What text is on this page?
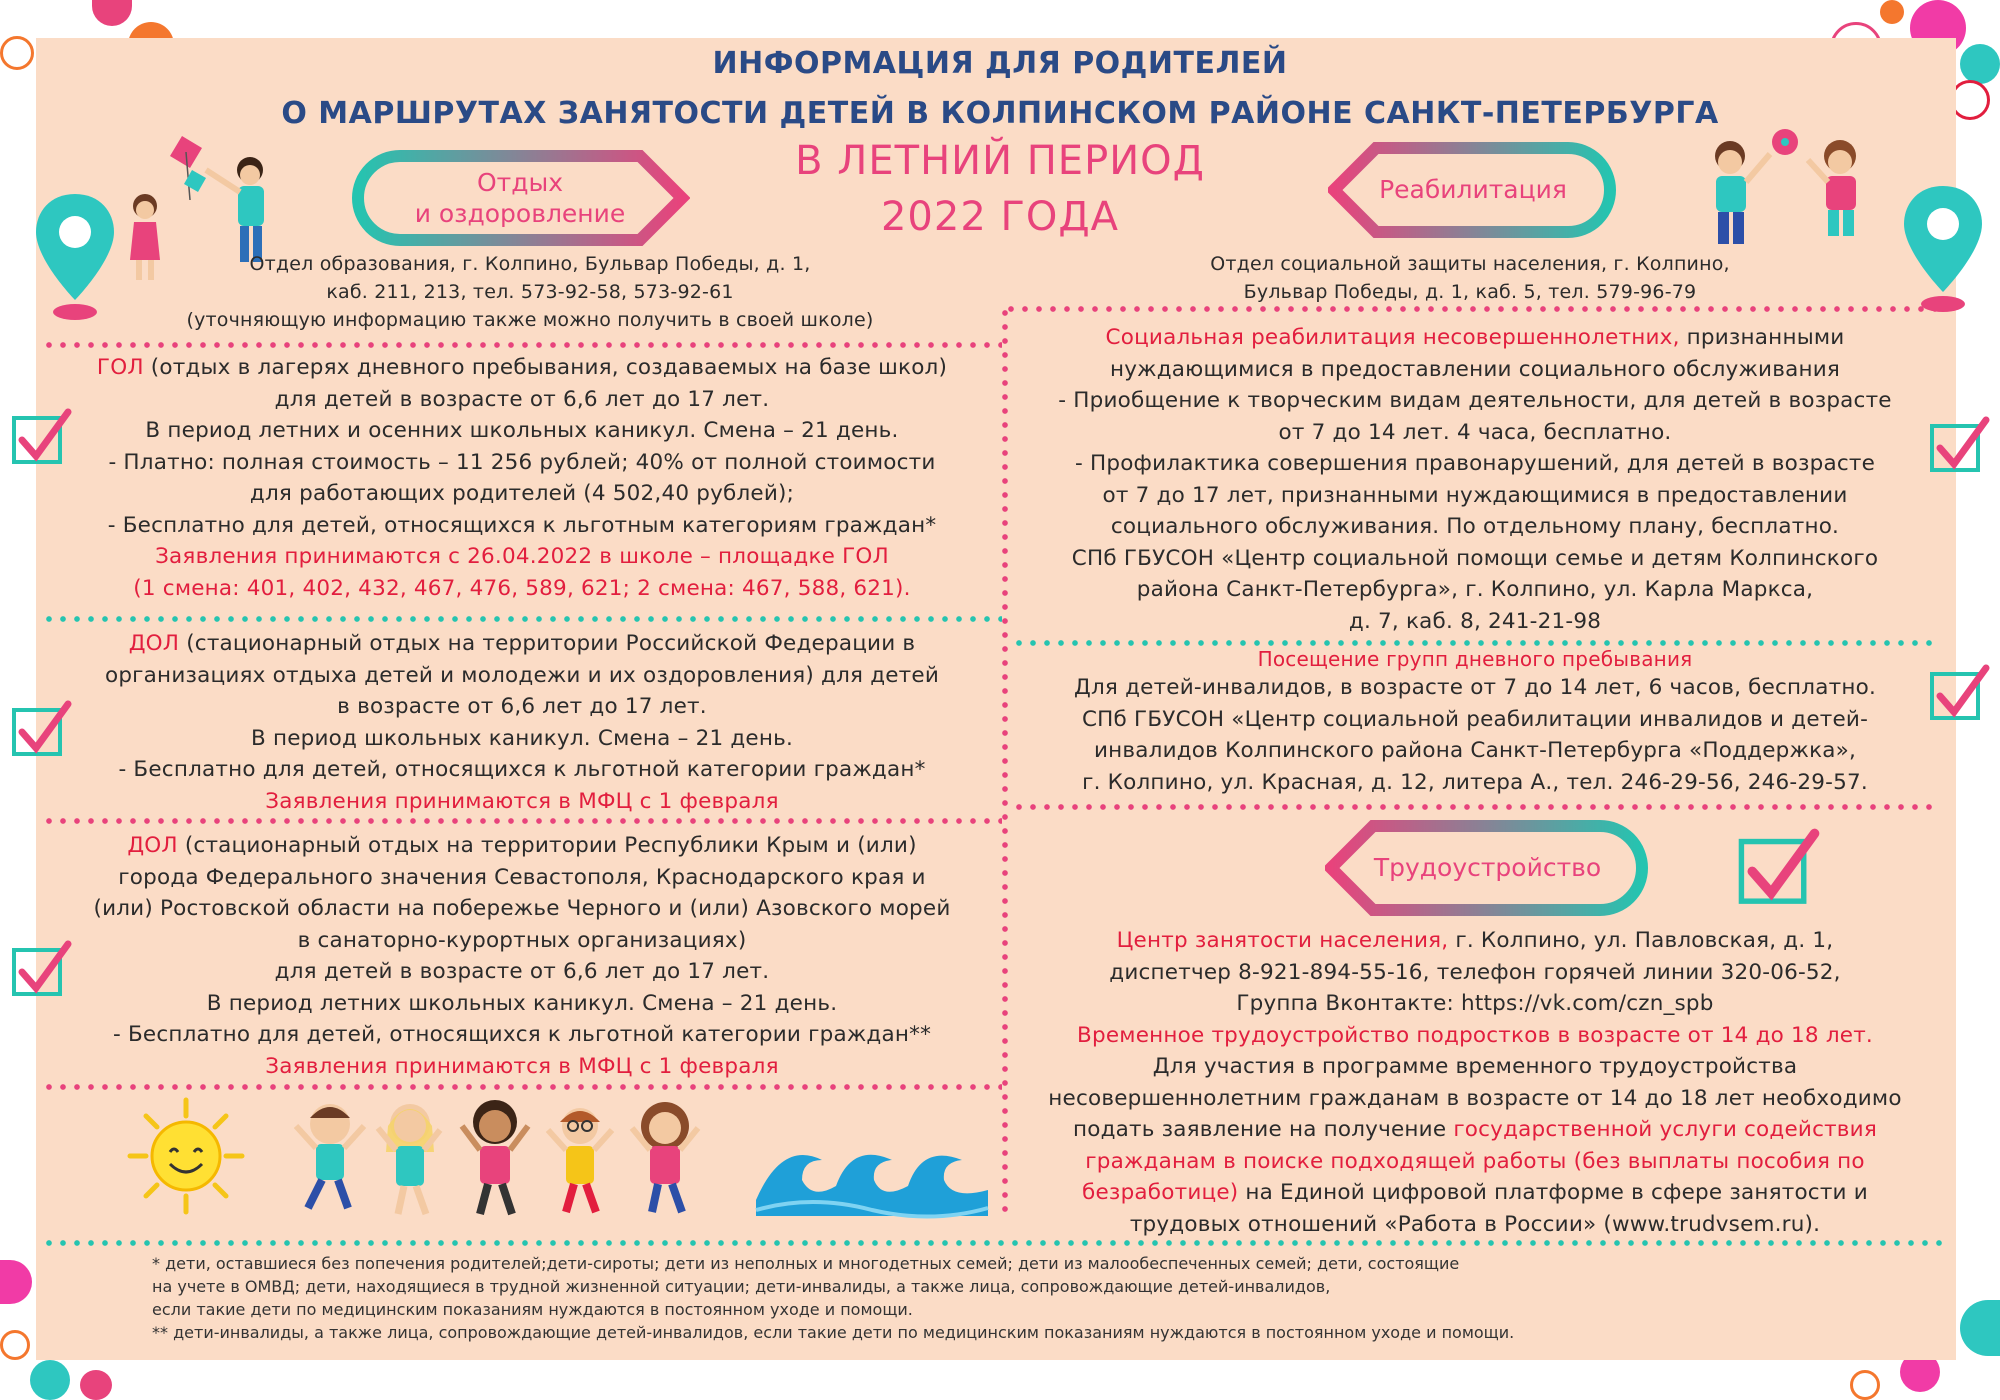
ИНФОРМАЦИЯ ДЛЯ РОДИТЕЛЕЙ
О МАРШРУТАХ ЗАНЯТОСТИ ДЕТЕЙ В КОЛПИНСКОМ РАЙОНЕ САНКТ-ПЕТЕРБУРГА
В ЛЕТНИЙ ПЕРИОД
2022 ГОДА
Отдых
и оздоровление
Реабилитация
Трудоустройство
Отдел образования, г. Колпино, Бульвар Победы, д. 1,
каб. 211, 213, тел. 573-92-58, 573-92-61
(уточняющую информацию также можно получить в своей школе)
Отдел социальной защиты населения, г. Колпино,
Бульвар Победы, д. 1, каб. 5, тел. 579-96-79
ГОЛ (отдых в лагерях дневного пребывания, создаваемых на базе школ)
для детей в возрасте от 6,6 лет до 17 лет.
В период летних и осенних школьных каникул. Смена – 21 день.
- Платно: полная стоимость – 11 256 рублей; 40% от полной стоимости
для работающих родителей (4 502,40 рублей);
- Бесплатно для детей, относящихся к льготным категориям граждан*
Заявления принимаются с 26.04.2022 в школе – площадке ГОЛ
(1 смена: 401, 402, 432, 467, 476, 589, 621; 2 смена: 467, 588, 621).
ДОЛ (стационарный отдых на территории Российской Федерации в
организациях отдыха детей и молодежи и их оздоровления) для детей
в возрасте от 6,6 лет до 17 лет.
В период школьных каникул. Смена – 21 день.
- Бесплатно для детей, относящихся к льготной категории граждан*
Заявления принимаются в МФЦ с 1 февраля
ДОЛ (стационарный отдых на территории Республики Крым и (или)
города Федерального значения Севастополя, Краснодарского края и
(или) Ростовской области на побережье Черного и (или) Азовского морей
в санаторно-курортных организациях)
для детей в возрасте от 6,6 лет до 17 лет.
В период летних школьных каникул. Смена – 21 день.
- Бесплатно для детей, относящихся к льготной категории граждан**
Заявления принимаются в МФЦ с 1 февраля
Социальная реабилитация несовершеннолетних, признанными
нуждающимися в предоставлении социального обслуживания
- Приобщение к творческим видам деятельности, для детей в возрасте
от 7 до 14 лет. 4 часа, бесплатно.
- Профилактика совершения правонарушений, для детей в возрасте
от 7 до 17 лет, признанными нуждающимися в предоставлении
социального обслуживания. По отдельному плану, бесплатно.
СПб ГБУСОН «Центр социальной помощи семье и детям Колпинского
района Санкт-Петербурга», г. Колпино, ул. Карла Маркса,
д. 7, каб. 8, 241-21-98
Посещение групп дневного пребывания
Для детей-инвалидов, в возрасте от 7 до 14 лет, 6 часов, бесплатно.
СПб ГБУСОН «Центр социальной реабилитации инвалидов и детей-
инвалидов Колпинского района Санкт-Петербурга «Поддержка»,
г. Колпино, ул. Красная, д. 12, литера А., тел. 246-29-56, 246-29-57.
Центр занятости населения, г. Колпино, ул. Павловская, д. 1,
диспетчер 8-921-894-55-16, телефон горячей линии 320-06-52,
Группа Вконтакте: https://vk.com/czn_spb
Временное трудоустройство подростков в возрасте от 14 до 18 лет.
Для участия в программе временного трудоустройства
несовершеннолетним гражданам в возрасте от 14 до 18 лет необходимо
подать заявление на получение государственной услуги содействия
гражданам в поиске подходящей работы (без выплаты пособия по
безработице) на Единой цифровой платформе в сфере занятости и
трудовых отношений «Работа в России» (www.trudvsem.ru).
* дети, оставшиеся без попечения родителей;дети-сироты; дети из неполных и многодетных семей; дети из малообеспеченных семей; дети, состоящие
на учете в ОМВД; дети, находящиеся в трудной жизненной ситуации; дети-инвалиды, а также лица, сопровождающие детей-инвалидов,
если такие дети по медицинским показаниям нуждаются в постоянном уходе и помощи.
** дети-инвалиды, а также лица, сопровождающие детей-инвалидов, если такие дети по медицинским показаниям нуждаются в постоянном уходе и помощи.
